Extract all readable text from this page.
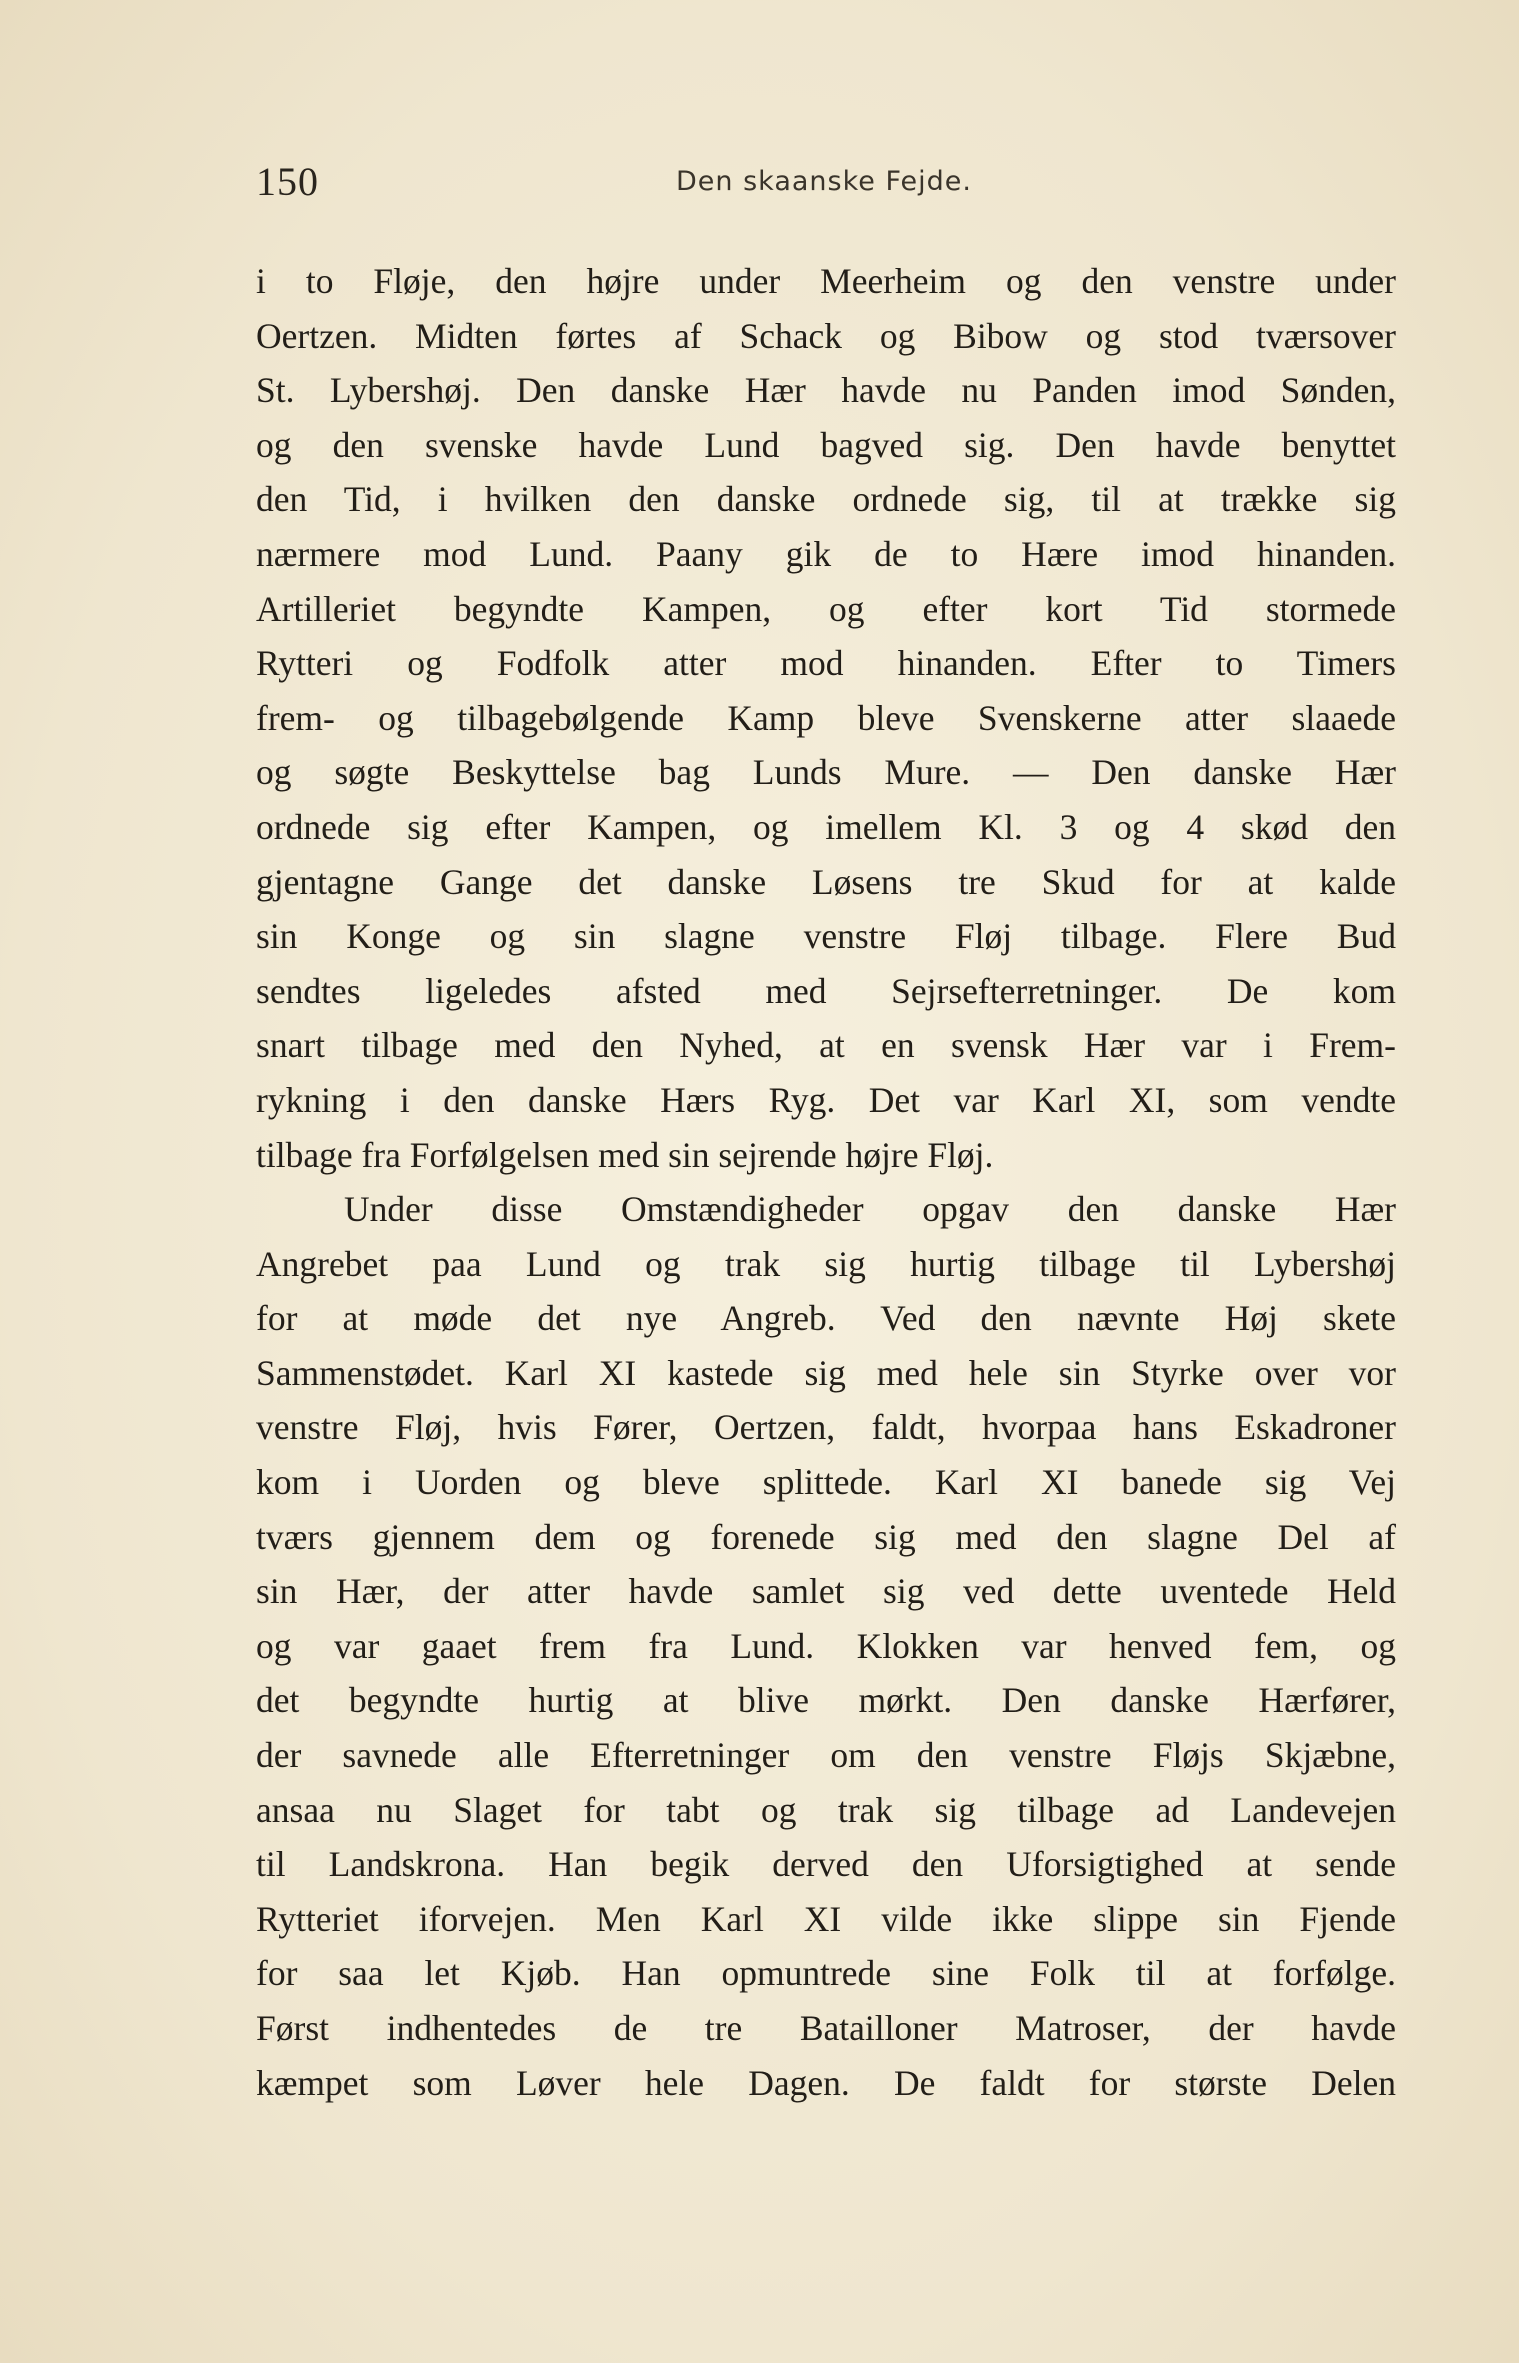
150	Den skaanske Fejde.
i to Fløje, den højre under Meerheim og den venstre under
Oertzen. Midten førtes af Schack og Bibow og stod tværsover
St. Lybershøj. Den danske Hær havde nu Panden imod Sønden,
og den svenske havde Lund bagved sig. Den havde benyttet
den Tid, i hvilken den danske ordnede sig, til at trække sig
nærmere mod Lund. Paany gik de to Hære imod hinanden.
Artilleriet begyndte Kampen, og efter kort Tid stormede
Rytteri og Fodfolk atter mod hinanden. Efter to Timers
frem- og tilbagebølgende Kamp bleve Svenskerne atter slaaede
og søgte Beskyttelse bag Lunds Mure. — Den danske Hær
ordnede sig efter Kampen, og imellem Kl. 3 og 4 skød den
gjentagne Gange det danske Løsens tre Skud for at kalde
sin Konge og sin slagne venstre Fløj tilbage. Flere Bud
sendtes ligeledes afsted med Sejrsefterretninger. De kom
snart tilbage med den Nyhed, at en svensk Hær var i Frem-
rykning i den danske Hærs Ryg. Det var Karl XI, som vendte
tilbage fra Forfølgelsen med sin sejrende højre Fløj.
Under disse Omstændigheder opgav den danske Hær
Angrebet paa Lund og trak sig hurtig tilbage til Lybershøj
for at møde det nye Angreb. Ved den nævnte Høj skete
Sammenstødet. Karl XI kastede sig med hele sin Styrke over vor
venstre Fløj, hvis Fører, Oertzen, faldt, hvorpaa hans Eskadroner
kom i Uorden og bleve splittede. Karl XI banede sig Vej
tværs gjennem dem og forenede sig med den slagne Del af
sin Hær, der atter havde samlet sig ved dette uventede Held
og var gaaet frem fra Lund. Klokken var henved fem, og
det begyndte hurtig at blive mørkt. Den danske Hærfører,
der savnede alle Efterretninger om den venstre Fløjs Skjæbne,
ansaa nu Slaget for tabt og trak sig tilbage ad Landevejen
til Landskrona. Han begik derved den Uforsigtighed at sende
Rytteriet iforvejen. Men Karl XI vilde ikke slippe sin Fjende
for saa let Kjøb. Han opmuntrede sine Folk til at forfølge.
Først indhentedes de tre Batailloner Matroser, der havde
kæmpet som Løver hele Dagen. De faldt for største Delen
